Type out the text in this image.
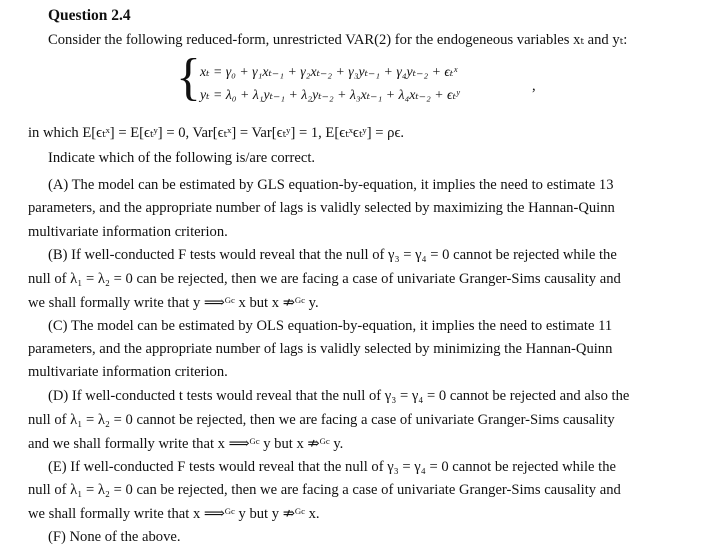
Question 2.4
Consider the following reduced-form, unrestricted VAR(2) for the endogeneous variables xₜ and yₜ:
{ xₜ = γ₀ + γ₁xₜ₋₁ + γ₂xₜ₋₂ + γ₃yₜ₋₁ + γ₄yₜ₋₂ + ϵₜˣ
yₜ = λ₀ + λ₁yₜ₋₁ + λ₂yₜ₋₂ + λ₃xₜ₋₁ + λ₄xₜ₋₂ + ϵₜʸ
,
in which E[ϵₜˣ] = E[ϵₜʸ] = 0, Var[ϵₜˣ] = Var[ϵₜʸ] = 1, E[ϵₜˣϵₜʸ] = ρϵ.
Indicate which of the following is/are correct.
(A) The model can be estimated by GLS equation-by-equation, it implies the need to estimate 13
parameters, and the appropriate number of lags is validly selected by maximizing the Hannan-Quinn
multivariate information criterion.
(B) If well-conducted F tests would reveal that the null of γ₃ = γ₄ = 0 cannot be rejected while the
null of λ₁ = λ₂ = 0 can be rejected, then we are facing a case of univariate Granger-Sims causality and
we shall formally write that y ⟹ᴳᶜ x but x ⇏ᴳᶜ y.
(C) The model can be estimated by OLS equation-by-equation, it implies the need to estimate 11
parameters, and the appropriate number of lags is validly selected by minimizing the Hannan-Quinn
multivariate information criterion.
(D) If well-conducted t tests would reveal that the null of γ₃ = γ₄ = 0 cannot be rejected and also the
null of λ₁ = λ₂ = 0 cannot be rejected, then we are facing a case of univariate Granger-Sims causality
and we shall formally write that x ⟹ᴳᶜ y but x ⇏ᴳᶜ y.
(E) If well-conducted F tests would reveal that the null of γ₃ = γ₄ = 0 cannot be rejected while the
null of λ₁ = λ₂ = 0 can be rejected, then we are facing a case of univariate Granger-Sims causality and
we shall formally write that x ⟹ᴳᶜ y but y ⇏ᴳᶜ x.
(F) None of the above.
